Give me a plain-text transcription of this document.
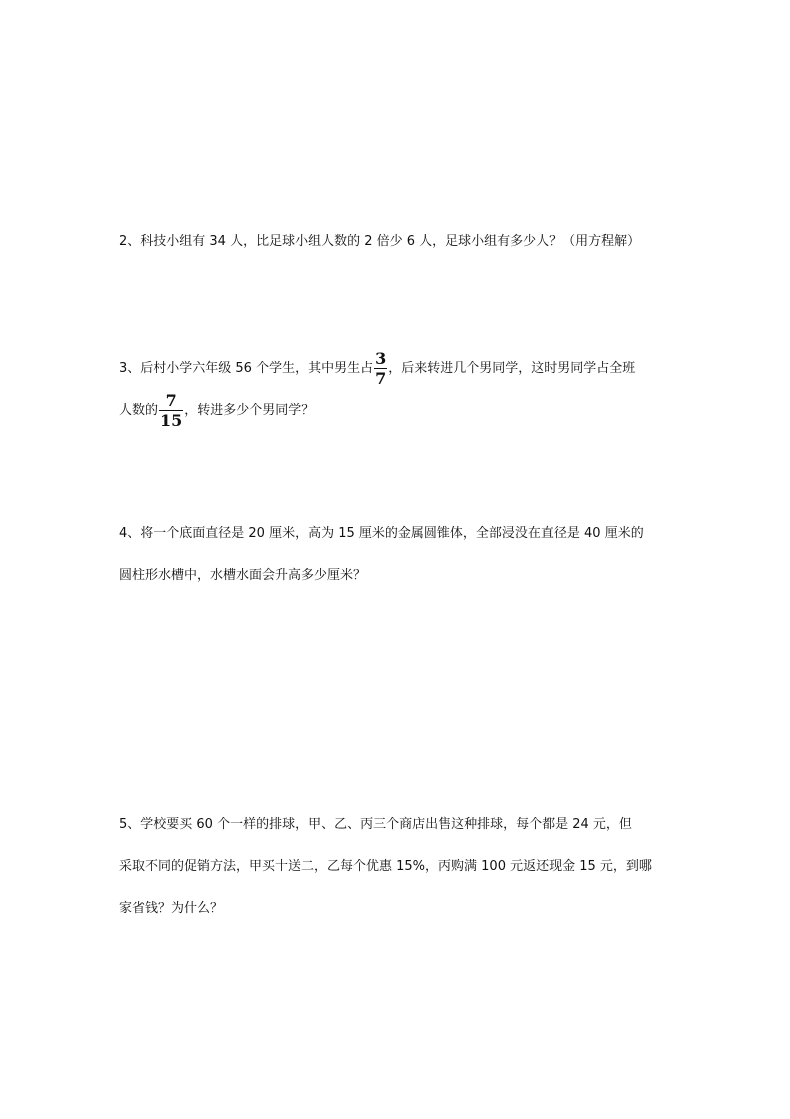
2、科技小组有 34 人，比足球小组人数的 2 倍少 6 人，足球小组有多少人？（用方程解）
3、后村小学六年级 56 个学生，其中男生占 $\frac{3}{7}$ ，后来转进几个男同学，这时男同学占全班
人数的 $\frac{7}{15}$ ，转进多少个男同学？
4、将一个底面直径是 20 厘米，高为 15 厘米的金属圆锥体，全部浸没在直径是 40 厘米的
圆柱形水槽中，水槽水面会升高多少厘米？
5、学校要买 60 个一样的排球，甲、乙、丙三个商店出售这种排球，每个都是 24 元，但
采取不同的促销方法，甲买十送二，乙每个优惠 15%，丙购满 100 元返还现金 15 元，到哪
家省钱？为什么？
